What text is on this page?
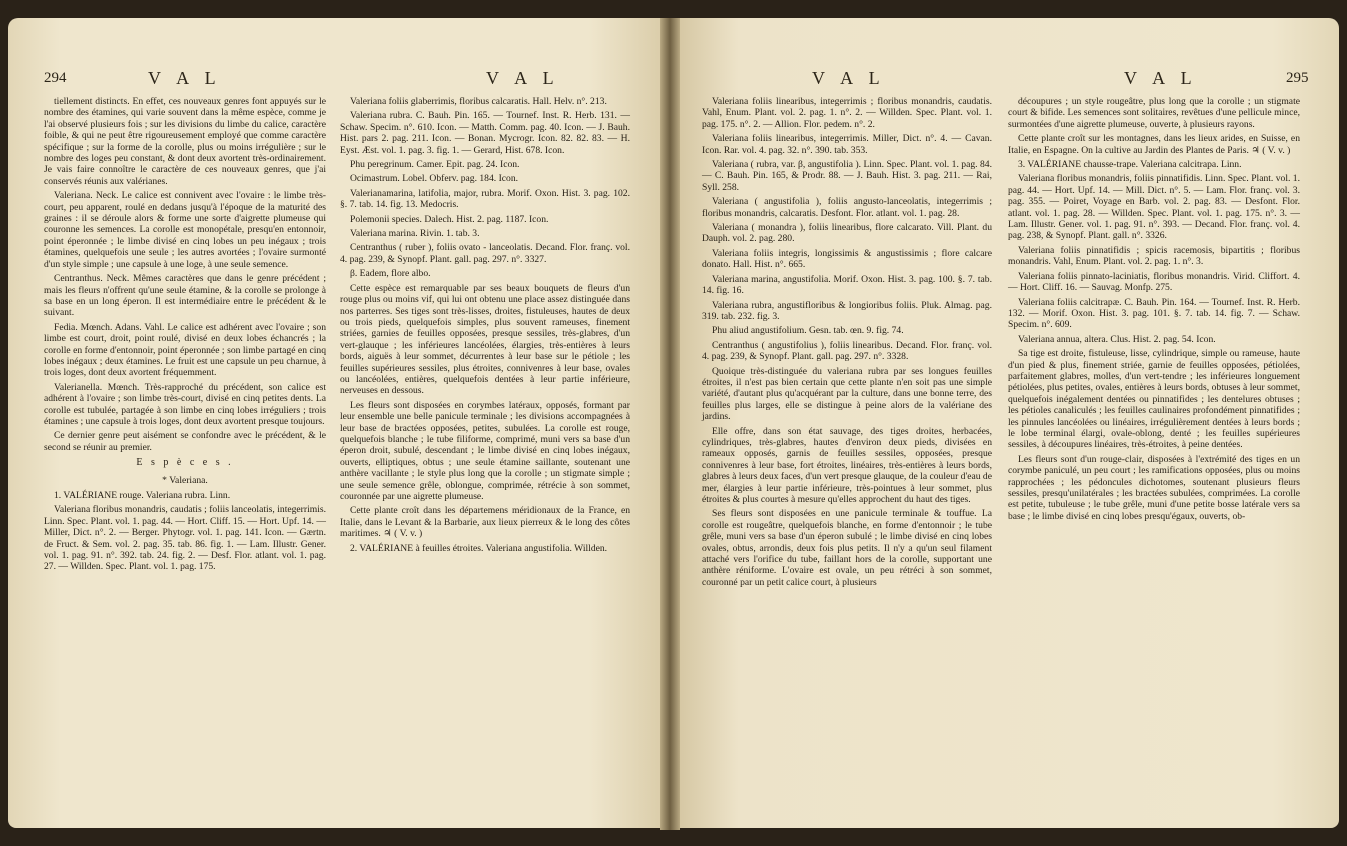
294	V A L	V A L

tiellement distincts. En effet, ces nouveaux genres font appuyés sur le nombre des étamines, qui varie souvent dans la même espèce, comme je l'ai observé plusieurs fois ; sur les divisions du limbe du calice, caractère foible, & qui ne peut être rigoureusement employé que comme caractère spécifique ; sur la forme de la corolle, plus ou moins irrégulière ; sur le nombre des loges peu constant, & dont deux avortent très-ordinairement. Je vais faire connoître le caractère de ces nouveaux genres, que j'ai conservés réunis aux valérianes.

Valeriana. Neck. Le calice est connivent avec l'ovaire : le limbe très-court, peu apparent, roulé en dedans jusqu'à l'époque de la maturité des graines : il se déroule alors & forme une sorte d'aigrette plumeuse qui couronne les semences. La corolle est monopétale, presqu'en entonnoir, point éperonnée ; le limbe divisé en cinq lobes un peu inégaux ; trois étamines, quelquefois une seule ; les autres avortées ; l'ovaire surmonté d'un style simple ; une capsule à une loge, à une seule semence.

Centranthus. Neck. Mêmes caractères que dans le genre précédent ; mais les fleurs n'offrent qu'une seule étamine, & la corolle se prolonge à sa base en un long éperon. Il est intermédiaire entre le précédent & le suivant.

Fedia. Mœnch. Adans. Vahl. Le calice est adhérent avec l'ovaire ; son limbe est court, droit, point roulé, divisé en deux lobes échancrés ; la corolle en forme d'entonnoir, point éperonnée ; son limbe partagé en cinq lobes inégaux ; deux étamines. Le fruit est une capsule un peu charnue, à trois loges, dont deux avortent fréquemment.

Valerianella. Mœnch. Très-rapproché du précédent, son calice est adhérent à l'ovaire ; son limbe très-court, divisé en cinq petites dents. La corolle est tubulée, partagée à son limbe en cinq lobes irréguliers ; trois étamines ; une capsule à trois loges, dont deux avortent presque toujours.

Ce dernier genre peut aisément se confondre avec le précédent, & le second se réunir au premier.

E s p è c e s .
* Valeriana.

1. VALÉRIANE rouge. Valeriana rubra. Linn.

Valeriana floribus monandris, caudatis ; foliis lanceolatis, integerrimis. Linn. Spec. Plant. vol. 1. pag. 44. — Hort. Cliff. 15. — Hort. Upf. 14. — Miller, Dict. n°. 2. — Berger. Phytogr. vol. 1. pag. 141. Icon. — Gærtn. de Fruct. & Sem. vol. 2. pag. 35. tab. 86. fig. 1. — Lam. Illustr. Gener. vol. 1. pag. 91. n°. 392. tab. 24. fig. 2. — Desf. Flor. atlant. vol. 1. pag. 27. — Willden. Spec. Plant. vol. 1. pag. 175.

Valeriana foliis glaberrimis, floribus calcaratis. Hall. Helv. n°. 213.

Valeriana rubra. C. Bauh. Pin. 165. — Tournef. Inst. R. Herb. 131. — Schaw. Specim. n°. 610. Icon. — Matth. Comm. pag. 40. Icon. — J. Bauh. Hist. pars 2. pag. 211. Icon. — Bonan. Mycrogr. Icon. 82. 82. 83. — H. Eyst. Æst. vol. 1. pag. 3. fig. 1. — Gerard, Hist. 678. Icon.

Phu peregrinum. Camer. Epit. pag. 24. Icon.

Ocimastrum. Lobel. Obferv. pag. 184. Icon.

Valerianamarina, latifolia, major, rubra. Morif. Oxon. Hist. 3. pag. 102. §. 7. tab. 14. fig. 13. Medocris.

Polemonii species. Dalech. Hist. 2. pag. 1187. Icon.

Valeriana marina. Rivin. 1. tab. 3.

Centranthus ( ruber ), foliis ovato - lanceolatis. Decand. Flor. franç. vol. 4. pag. 239, & Synopf. Plant. gall. pag. 297. n°. 3327.

β. Eadem, flore albo.

Cette espèce est remarquable par ses beaux bouquets de fleurs d'un rouge plus ou moins vif, qui lui ont obtenu une place assez distinguée dans nos parterres. Ses tiges sont très-lisses, droites, fistuleuses, hautes de deux ou trois pieds, quelquefois simples, plus souvent rameuses, finement striées, garnies de feuilles opposées, presque sessiles, très-glabres, d'un vert-glauque ; les inférieures lancéolées, élargies, très-entières à leurs bords, aiguës à leur sommet, décurrentes à leur base sur le pétiole ; les feuilles supérieures sessiles, plus étroites, connivenres à leur base, ovales ou lancéolées, entières, quelquefois dentées à leur partie inférieure, nerveuses en dessous.

Les fleurs sont disposées en corymbes latéraux, opposés, formant par leur ensemble une belle panicule terminale ; les divisions accompagnées à leur base de bractées opposées, petites, subulées. La corolle est rouge, quelquefois blanche ; le tube filiforme, comprimé, muni vers sa base d'un éperon droit, subulé, descendant ; le limbe divisé en cinq lobes inégaux, ouverts, elliptiques, obtus ; une seule étamine saillante, soutenant une anthère vacillante ; le style plus long que la corolle ; un stigmate simple ; une seule semence grêle, oblongue, comprimée, rétrécie à son sommet, couronnée par une aigrette plumeuse.

Cette plante croît dans les départemens méridionaux de la France, en Italie, dans le Levant & la Barbarie, aux lieux pierreux & le long des côtes maritimes. ♃ ( V. v. )

2. VALÉRIANE à feuilles étroites. Valeriana angustifolia. Willden.

V A L	V A L	295

Valeriana foliis linearibus, integerrimis ; floribus monandris, caudatis. Vahl, Enum. Plant. vol. 2. pag. 1. n°. 2. — Willden. Spec. Plant. vol. 1. pag. 175. n°. 2. — Allion. Flor. pedem. n°. 2.

Valeriana foliis linearibus, integerrimis. Miller, Dict. n°. 4. — Cavan. Icon. Rar. vol. 4. pag. 32. n°. 390. tab. 353.

Valeriana ( rubra, var. β, angustifolia ). Linn. Spec. Plant. vol. 1. pag. 84. — C. Bauh. Pin. 165, & Prodr. 88. — J. Bauh. Hist. 3. pag. 211. — Rai, Syll. 258.

Valeriana ( angustifolia ), foliis angusto-lanceolatis, integerrimis ; floribus monandris, calcaratis. Desfont. Flor. atlant. vol. 1. pag. 28.

Valeriana ( monandra ), foliis linearibus, flore calcarato. Vill. Plant. du Dauph. vol. 2. pag. 280.

Valeriana foliis integris, longissimis & angustissimis ; flore calcare donato. Hall. Hist. n°. 665.

Valeriana marina, angustifolia. Morif. Oxon. Hist. 3. pag. 100. §. 7. tab. 14. fig. 16.

Valeriana rubra, angustifloribus & longioribus foliis. Pluk. Almag. pag. 319. tab. 232. fig. 3.

Phu aliud angustifolium. Gesn. tab. œn. 9. fig. 74.

Centranthus ( angustifolius ), foliis linearibus. Decand. Flor. franç. vol. 4. pag. 239, & Synopf. Plant. gall. pag. 297. n°. 3328.

Quoique très-distinguée du valeriana rubra par ses longues feuilles étroites, il n'est pas bien certain que cette plante n'en soit pas une simple variété, d'autant plus qu'acquérant par la culture, dans une bonne terre, des feuilles plus larges, elle se distingue à peine alors de la valériane des jardins.

Elle offre, dans son état sauvage, des tiges droites, herbacées, cylindriques, très-glabres, hautes d'environ deux pieds, divisées en rameaux opposés, garnis de feuilles sessiles, opposées, presque connivenres à leur base, fort étroites, linéaires, très-entières à leurs bords, glabres à leurs deux faces, d'un vert presque glauque, de la couleur d'eau de mer, élargies à leur partie inférieure, très-pointues à leur sommet, plus étroites & plus courtes à mesure qu'elles approchent du haut des tiges.

Ses fleurs sont disposées en une panicule terminale & touffue. La corolle est rougeâtre, quelquefois blanche, en forme d'entonnoir ; le tube grêle, muni vers sa base d'un éperon subulé ; le limbe divisé en cinq lobes ovales, obtus, arrondis, deux fois plus petits. Il n'y a qu'un seul filament attaché vers l'orifice du tube, faillant hors de la corolle, supportant une anthère réniforme. L'ovaire est ovale, un peu rétréci à son sommet, couronné par un petit calice court, à plusieurs

découpures ; un style rougeâtre, plus long que la corolle ; un stigmate court & bifide. Les semences sont solitaires, revêtues d'une pellicule mince, surmontées d'une aigrette plumeuse, ouverte, à plusieurs rayons.

Cette plante croît sur les montagnes, dans les lieux arides, en Suisse, en Italie, en Espagne. On la cultive au Jardin des Plantes de Paris. ♃ ( V. v. )

3. VALÉRIANE chausse-trape. Valeriana calcitrapa. Linn.

Valeriana floribus monandris, foliis pinnatifidis. Linn. Spec. Plant. vol. 1. pag. 44. — Hort. Upf. 14. — Mill. Dict. n°. 5. — Lam. Flor. franç. vol. 3. pag. 355. — Poiret, Voyage en Barb. vol. 2. pag. 83. — Desfont. Flor. atlant. vol. 1. pag. 28. — Willden. Spec. Plant. vol. 1. pag. 175. n°. 3. — Lam. Illustr. Gener. vol. 1. pag. 91. n°. 393. — Decand. Flor. franç. vol. 4. pag. 238, & Synopf. Plant. gall. n°. 3326.

Valeriana foliis pinnatifidis ; spicis racemosis, bipartitis ; floribus monandris. Vahl, Enum. Plant. vol. 2. pag. 1. n°. 3.

Valeriana foliis pinnato-laciniatis, floribus monandris. Virid. Cliffort. 4. — Hort. Cliff. 16. — Sauvag. Monfp. 275.

Valeriana foliis calcitrapæ. C. Bauh. Pin. 164. — Tournef. Inst. R. Herb. 132. — Morif. Oxon. Hist. 3. pag. 101. §. 7. tab. 14. fig. 7. — Schaw. Specim. n°. 609.

Valeriana annua, altera. Clus. Hist. 2. pag. 54. Icon.

Sa tige est droite, fistuleuse, lisse, cylindrique, simple ou rameuse, haute d'un pied & plus, finement striée, garnie de feuilles opposées, pétiolées, parfaitement glabres, molles, d'un vert-tendre ; les inférieures longuement pétiolées, plus petites, ovales, entières à leurs bords, obtuses à leur sommet, quelquefois inégalement dentées ou pinnatifides ; les dentelures obtuses ; les pétioles canaliculés ; les feuilles caulinaires profondément pinnatifides ; les pinnules lancéolées ou linéaires, irrégulièrement dentées à leurs bords ; le lobe terminal élargi, ovale-oblong, denté ; les feuilles supérieures sessiles, à découpures linéaires, très-étroites, à peine dentées.

Les fleurs sont d'un rouge-clair, disposées à l'extrémité des tiges en un corymbe paniculé, un peu court ; les ramifications opposées, plus ou moins rapprochées ; les pédoncules dichotomes, soutenant plusieurs fleurs sessiles, presqu'unilatérales ; les bractées subulées, comprimées. La corolle est petite, tubuleuse ; le tube grêle, muni d'une petite bosse latérale vers sa base ; le limbe divisé en cinq lobes presqu'égaux, ouverts, ob-
